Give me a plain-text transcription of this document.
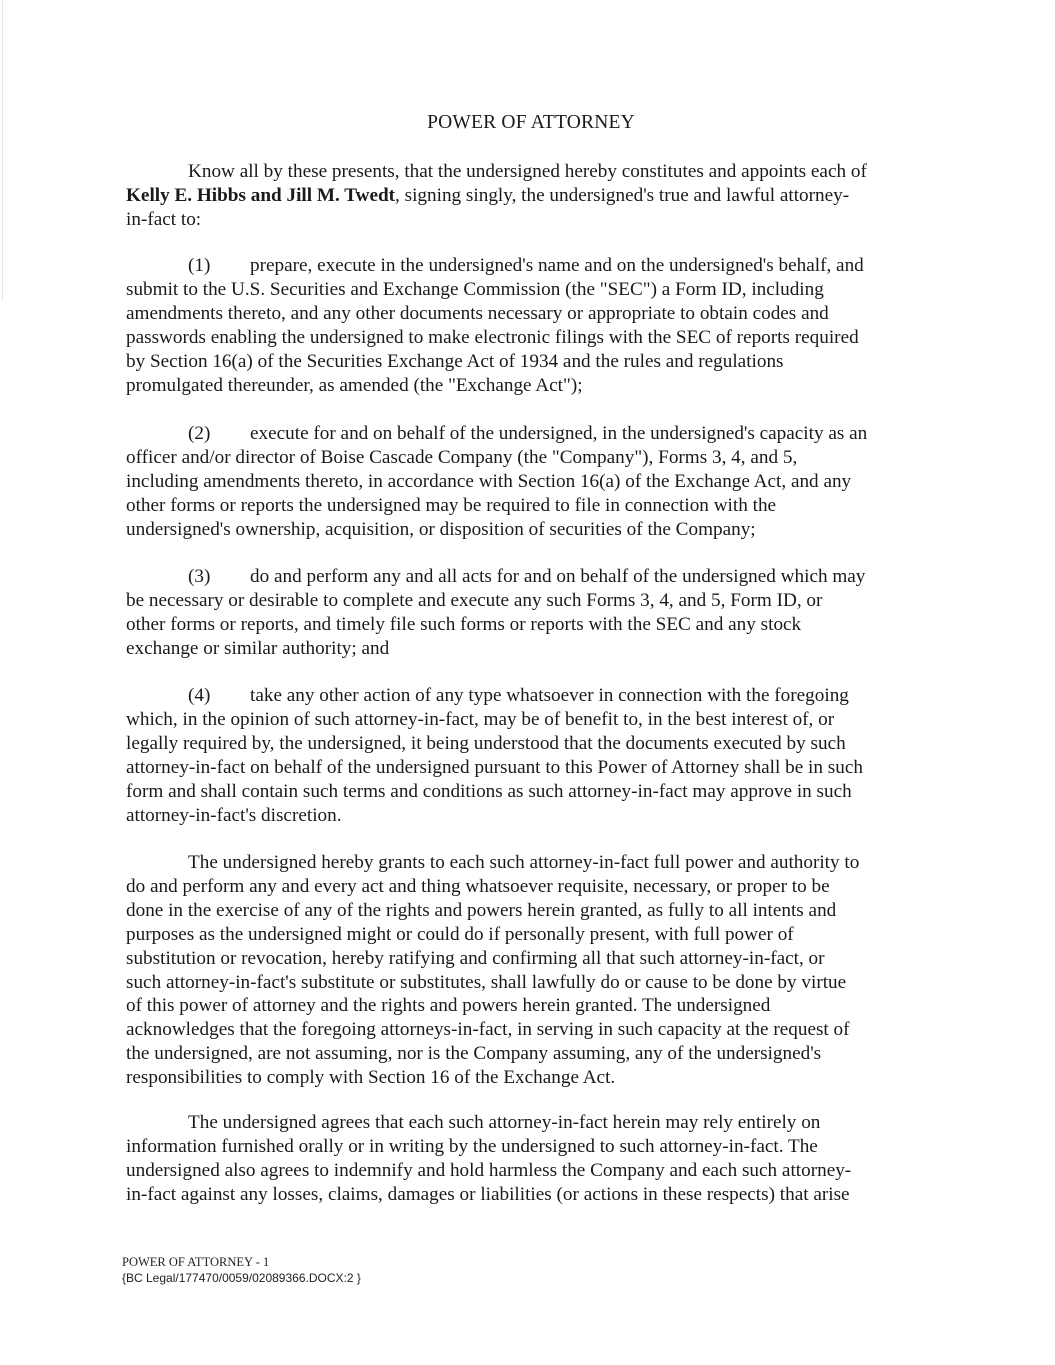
POWER OF ATTORNEY
Know all by these presents, that the undersigned hereby constitutes and appoints each of
Kelly E. Hibbs and Jill M. Twedt, signing singly, the undersigned's true and lawful attorney-
in-fact to:
(1) prepare, execute in the undersigned's name and on the undersigned's behalf, and
submit to the U.S. Securities and Exchange Commission (the "SEC") a Form ID, including
amendments thereto, and any other documents necessary or appropriate to obtain codes and
passwords enabling the undersigned to make electronic filings with the SEC of reports required
by Section 16(a) of the Securities Exchange Act of 1934 and the rules and regulations
promulgated thereunder, as amended (the "Exchange Act");
(2) execute for and on behalf of the undersigned, in the undersigned's capacity as an
officer and/or director of Boise Cascade Company (the "Company"), Forms 3, 4, and 5,
including amendments thereto, in accordance with Section 16(a) of the Exchange Act, and any
other forms or reports the undersigned may be required to file in connection with the
undersigned's ownership, acquisition, or disposition of securities of the Company;
(3) do and perform any and all acts for and on behalf of the undersigned which may
be necessary or desirable to complete and execute any such Forms 3, 4, and 5, Form ID, or
other forms or reports, and timely file such forms or reports with the SEC and any stock
exchange or similar authority; and
(4) take any other action of any type whatsoever in connection with the foregoing
which, in the opinion of such attorney-in-fact, may be of benefit to, in the best interest of, or
legally required by, the undersigned, it being understood that the documents executed by such
attorney-in-fact on behalf of the undersigned pursuant to this Power of Attorney shall be in such
form and shall contain such terms and conditions as such attorney-in-fact may approve in such
attorney-in-fact's discretion.
The undersigned hereby grants to each such attorney-in-fact full power and authority to
do and perform any and every act and thing whatsoever requisite, necessary, or proper to be
done in the exercise of any of the rights and powers herein granted, as fully to all intents and
purposes as the undersigned might or could do if personally present, with full power of
substitution or revocation, hereby ratifying and confirming all that such attorney-in-fact, or
such attorney-in-fact's substitute or substitutes, shall lawfully do or cause to be done by virtue
of this power of attorney and the rights and powers herein granted. The undersigned
acknowledges that the foregoing attorneys-in-fact, in serving in such capacity at the request of
the undersigned, are not assuming, nor is the Company assuming, any of the undersigned's
responsibilities to comply with Section 16 of the Exchange Act.
The undersigned agrees that each such attorney-in-fact herein may rely entirely on
information furnished orally or in writing by the undersigned to such attorney-in-fact. The
undersigned also agrees to indemnify and hold harmless the Company and each such attorney-
in-fact against any losses, claims, damages or liabilities (or actions in these respects) that arise
POWER OF ATTORNEY - 1
{BC Legal/177470/0059/02089366.DOCX:2 }
